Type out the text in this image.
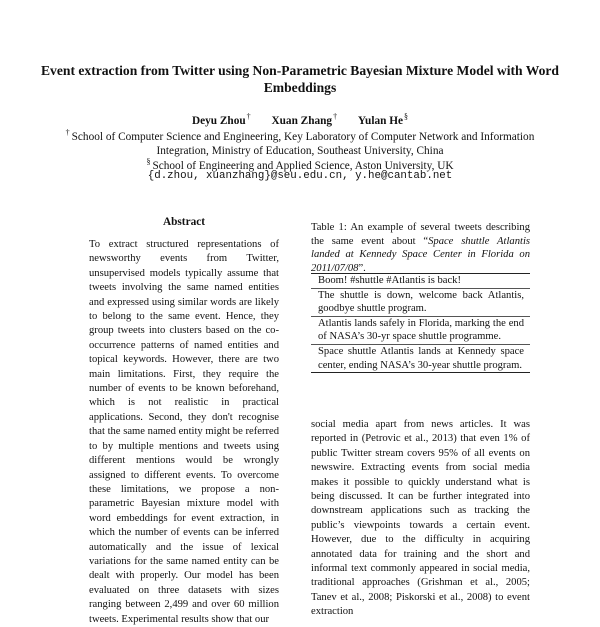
Event extraction from Twitter using Non-Parametric Bayesian Mixture Model with Word Embeddings
Deyu Zhou† Xuan Zhang† Yulan He§
† School of Computer Science and Engineering, Key Laboratory of Computer Network and Information Integration, Ministry of Education, Southeast University, China
§ School of Engineering and Applied Science, Aston University, UK
{d.zhou, xuanzhang}@seu.edu.cn, y.he@cantab.net
Abstract

To extract structured representations of newsworthy events from Twitter, unsupervised models typically assume that tweets involving the same named entities and expressed using similar words are likely to belong to the same event. Hence, they group tweets into clusters based on the co-occurrence patterns of named entities and topical keywords. However, there are two main limitations. First, they require the number of events to be known beforehand, which is not realistic in practical applications. Second, they don't recognise that the same named entity might be referred to by multiple mentions and tweets using different mentions would be wrongly assigned to different events. To overcome these limitations, we propose a non-parametric Bayesian mixture model with word embeddings for event extraction, in which the number of events can be inferred automatically and the issue of lexical variations for the same named entity can be dealt with properly. Our model has been evaluated on three datasets with sizes ranging between 2,499 and over 60 million tweets. Experimental results show that our

Table 1: An example of several tweets describing the same event about “Space shuttle Atlantis landed at Kennedy Space Center in Florida on 2011/07/08”.

Boom! #shuttle #Atlantis is back!
The shuttle is down, welcome back Atlantis, goodbye shuttle program.
Atlantis lands safely in Florida, marking the end of NASA’s 30-yr space shuttle programme.
Space shuttle Atlantis lands at Kennedy space center, ending NASA’s 30-year shuttle program.

social media apart from news articles. It was reported in (Petrovic et al., 2013) that even 1% of public Twitter stream covers 95% of all events on newswire. Extracting events from social media makes it possible to quickly understand what is being discussed. It can be further integrated into downstream applications such as tracking the public’s viewpoints towards a certain event. However, due to the difficulty in acquiring annotated data for training and the short and informal text commonly appeared in social media, traditional approaches (Grishman et al., 2005; Tanev et al., 2008; Piskorski et al., 2008) to event extraction
